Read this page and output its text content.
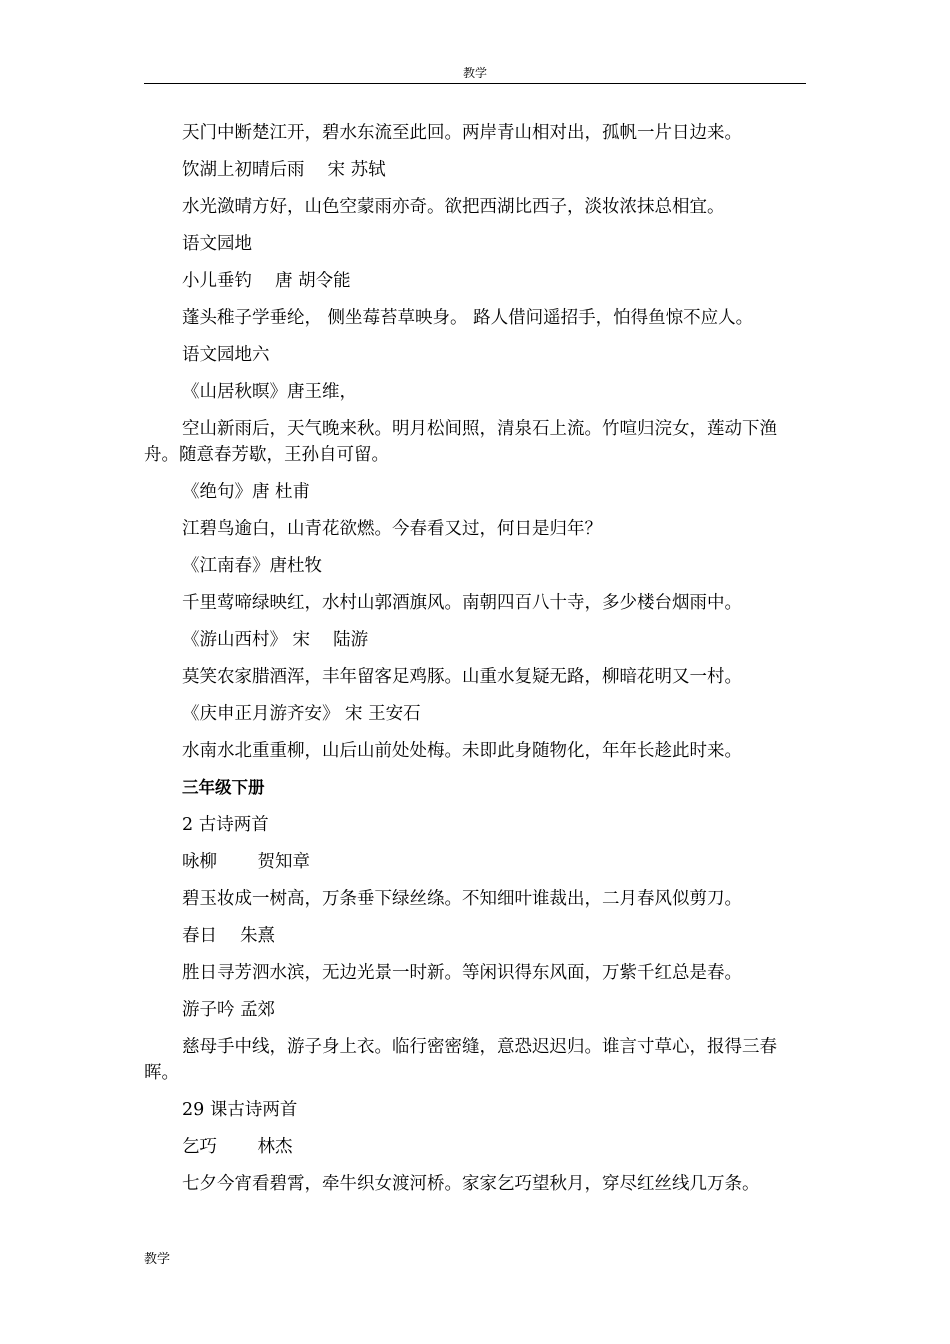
教学
天门中断楚江开，碧水东流至此回。两岸青山相对出，孤帆一片日边来。
饮湖上初晴后雨　 宋 苏轼
水光潋晴方好，山色空蒙雨亦奇。欲把西湖比西子，淡妆浓抹总相宜。
语文园地
小儿垂钓　 唐 胡令能
蓬头稚子学垂纶， 侧坐莓苔草映身。 路人借问遥招手，怕得鱼惊不应人。
语文园地六
《山居秋暝》唐王维，
空山新雨后，天气晚来秋。明月松间照，清泉石上流。竹喧归浣女，莲动下渔舟。随意春芳歇，王孙自可留。
《绝句》唐 杜甫
江碧鸟逾白，山青花欲燃。今春看又过，何日是归年？
《江南春》唐杜牧
千里莺啼绿映红，水村山郭酒旗风。南朝四百八十寺，多少楼台烟雨中。
《游山西村》 宋　 陆游
莫笑农家腊酒浑，丰年留客足鸡豚。山重水复疑无路，柳暗花明又一村。
《庆申正月游齐安》 宋 王安石
水南水北重重柳，山后山前处处梅。未即此身随物化，年年长趁此时来。
三年级下册
2 古诗两首
咏柳　　 贺知章
碧玉妆成一树高，万条垂下绿丝绦。不知细叶谁裁出，二月春风似剪刀。
春日　 朱熹
胜日寻芳泗水滨，无边光景一时新。等闲识得东风面，万紫千红总是春。
游子吟 孟郊
慈母手中线，游子身上衣。临行密密缝，意恐迟迟归。谁言寸草心，报得三春晖。
29 课古诗两首
乞巧　　 林杰
七夕今宵看碧霄，牵牛织女渡河桥。家家乞巧望秋月，穿尽红丝线几万条。
教学
